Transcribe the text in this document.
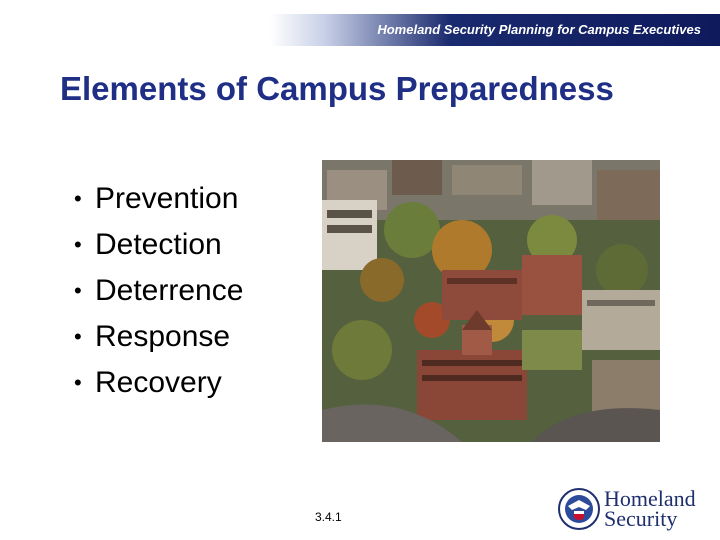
Homeland Security Planning for Campus Executives
Elements of Campus Preparedness
• Prevention
• Detection
• Deterrence
• Response
• Recovery
3.4.1
Homeland
Security
